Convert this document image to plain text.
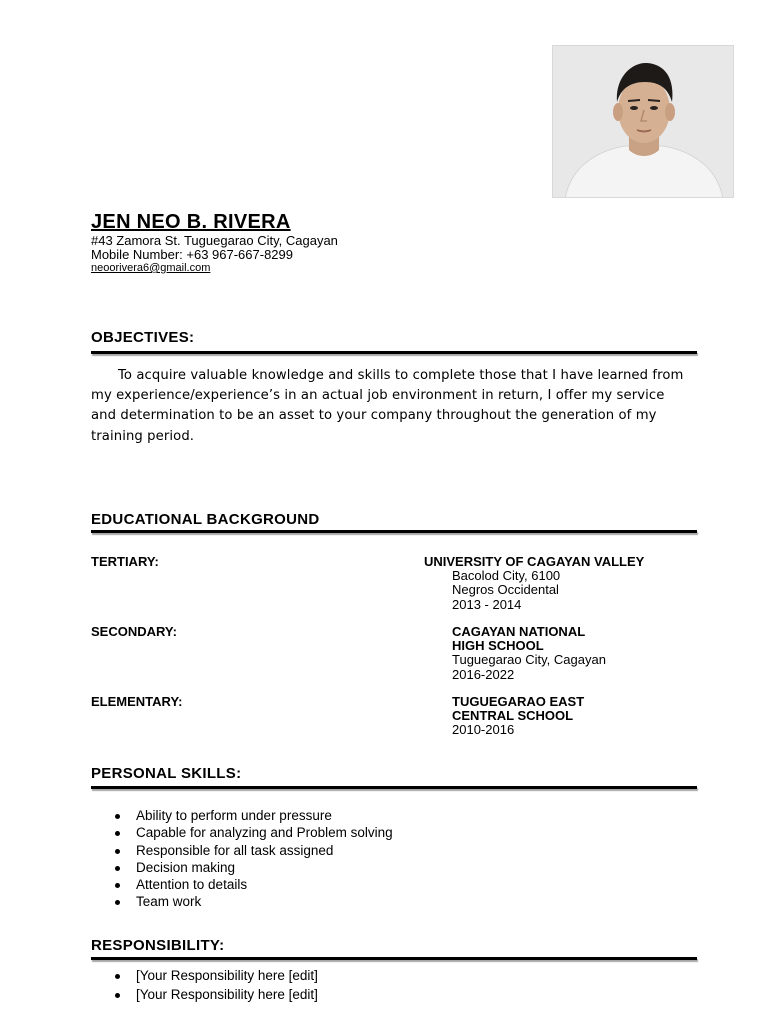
JEN NEO B. RIVERA
#43 Zamora St. Tuguegarao City, Cagayan
Mobile Number: +63 967-667-8299
neoorivera6@gmail.com
OBJECTIVES:
To acquire valuable knowledge and skills to complete those that I have learned from my experience/experience’s in an actual job environment in return, I offer my service and determination to be an asset to your company throughout the generation of my training period.
EDUCATIONAL BACKGROUND
TERTIARY:	UNIVERSITY OF CAGAYAN VALLEY
Bacolod City, 6100
Negros Occidental
2013 - 2014
SECONDARY:	CAGAYAN NATIONAL
HIGH SCHOOL
Tuguegarao City, Cagayan
2016-2022
ELEMENTARY:	TUGUEGARAO EAST
CENTRAL SCHOOL
2010-2016
PERSONAL SKILLS:
Ability to perform under pressure
Capable for analyzing and Problem solving
Responsible for all task assigned
Decision making
Attention to details
Team work
RESPONSIBILITY:
[Your Responsibility here [edit]
[Your Responsibility here [edit]
